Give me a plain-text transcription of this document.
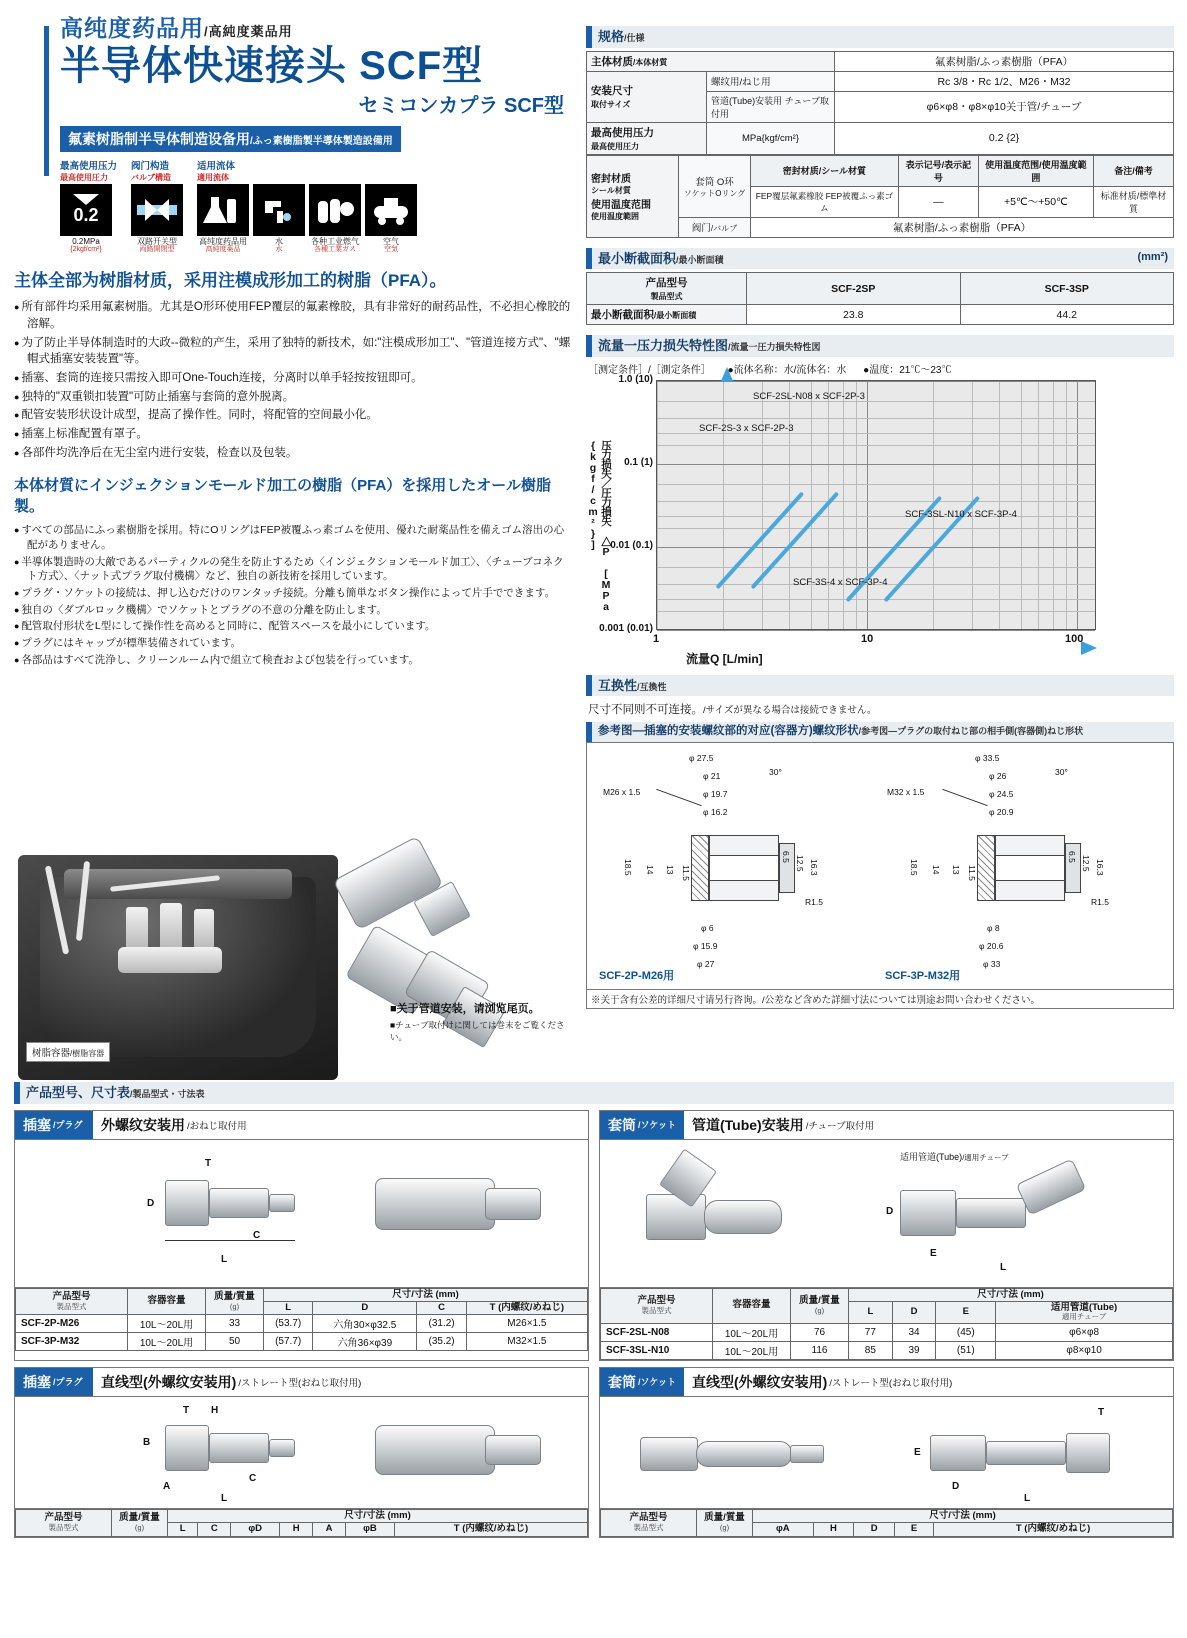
高纯度药品用/高純度薬品用
半导体快速接头 SCF型
セミコンカプラ SCF型
氟素树脂制半导体制造设备用/ふっ素樹脂製半導体製造設備用
最高使用压力
最高使用圧力
0.2
0.2MPa
{2kgf/cm²}
阀门构造
バルブ構造
双路开关型
両路開閉型
适用流体
適用流体
高纯度药品用
高純度薬品
水
水
各种工业燃气
各種工業ガス
空气
空気
主体全部为树脂材质，采用注模成形加工的树脂（PFA）。
● 所有部件均采用氟素树脂。尤其是O形环使用FEP覆层的氟素橡胶，具有非常好的耐药品性，不必担心橡胶的溶解。
● 为了防止半导体制造时的大政--微粒的产生，采用了独特的新技术，如:"注模成形加工"、"管道连接方式"、"螺帽式插塞安装装置"等。
● 插塞、套筒的连接只需按入即可One-Touch连接，分离时以单手轻按按钮即可。
● 独特的"双重锁扣装置"可防止插塞与套筒的意外脱离。
● 配管安装形状设计成型，提高了操作性。同时，将配管的空间最小化。
● 插塞上标准配置有罩子。
● 各部件均洗净后在无尘室内进行安装，检查以及包装。
本体材質にインジェクションモールド加工の樹脂（PFA）を採用したオール樹脂製。
● すべての部品にふっ素樹脂を採用。特にOリングはFEP被覆ふっ素ゴムを使用、優れた耐薬品性を備えゴム溶出の心配がありません。
● 半導体製造時の大敵であるパーティクルの発生を防止するため〈インジェクションモールド加工〉、〈チューブコネクト方式〉、〈ナット式プラグ取付機構〉など、独自の新技術を採用しています。
● プラグ・ソケットの接続は、押し込むだけのワンタッチ接続。分離も簡単なボタン操作によって片手でできます。
● 独自の〈ダブルロック機構〉でソケットとプラグの不意の分離を防止します。
● 配管取付形状をL型にして操作性を高めると同時に、配管スペースを最小にしています。
● プラグにはキャップが標準装備されています。
● 各部品はすべて洗浄し、クリーンルーム内で組立て検査および包装を行っています。
树脂容器/樹脂容器
■关于管道安装，请浏览尾页。
■チューブ取付けに関しては巻末をご覧ください。
规格/仕様
主体材质/本体材質		氟素树脂/ふっ素樹脂（PFA）
安装尺寸
取付サイズ	螺纹用/ねじ用	Rc 3/8・Rc 1/2、M26・M32
	管道(Tube)安装用 チューブ取付用	φ6×φ8・φ8×φ10关于管/チューブ
最高使用压力
最高使用圧力	MPa{kgf/cm²}	0.2 {2}
密封材质
シール材質
使用温度范围
使用温度範囲	套筒 O环
ソケットOリング	密封材质/シール材質	表示记号/表示記号	使用温度范围/使用温度範囲	备注/備考
		FEP覆层氟素橡胶 FEP被覆ふっ素ゴム	—	+5℃～+50℃	标准材质/標準材質
	阀门/バルブ	氟素树脂/ふっ素樹脂（PFA）			
最小断截面积/最小断面積	(mm²)
产品型号
製品型式	SCF-2SP	SCF-3SP
最小断截面积/最小断面積	23.8	44.2
流量一压力损失特性图/流量一圧力損失特性図
［测定条件］/［測定条件］ ●流体名称：水/流体名：水 ●温度：21℃～23℃
压力损失／圧力損失 △P [MPa {kgf/cm²}]
1.0 (10)
0.1 (1)
0.01 (0.1)
0.001 (0.01)
1	10	100
SCF-2SL-N08 x SCF-2P-3
SCF-2S-3 x SCF-2P-3
SCF-3SL-N10 x SCF-3P-4
SCF-3S-4 x SCF-3P-4
流量Q [L/min]
互换性/互換性
尺寸不同则不可连接。/サイズが異なる場合は接続できません。
参考图—插塞的安装螺纹部的对应(容器方)螺纹形状/参考図—プラグの取付ねじ部の相手側(容器側)ねじ形状
φ 27.5
φ 21
φ 19.7
φ 16.2
30°
M26 x 1.5
18.5 14 13 11.5
6.5 12.5 16.3
R1.5
φ 6
φ 15.9
φ 27
SCF-2P-M26用
φ 33.5
φ 26
φ 24.5
φ 20.9
30°
M32 x 1.5
18.5 14 13 11.5
6.5 12.5 16.3
R1.5
φ 8
φ 20.6
φ 33
SCF-3P-M32用
※关于含有公差的详细尺寸请另行咨询。/公差など含めた詳細寸法については別途お問い合わせください。
产品型号、尺寸表/製品型式・寸法表
插塞 /プラグ 外螺纹安装用 /おねじ取付用
T
D
C
L
产品型号
製品型式	容器容量	质量/質量
(g)	尺寸/寸法 (mm)			
			L	D	C	T (内螺纹/めねじ)
SCF-2P-M26	10L～20L用	33	(53.7)	六角30×φ32.5	(31.2)	M26×1.5
SCF-3P-M32	10L～20L用	50	(57.7)	六角36×φ39	(35.2)	M32×1.5
套筒 /ソケット 管道(Tube)安装用 /チューブ取付用
适用管道(Tube)/適用チューブ
D
E
L
产品型号
製品型式	容器容量	质量/質量
(g)	尺寸/寸法 (mm)			
			L	D	E	适用管道(Tube)
適用チューブ

SCF-2SL-N08	10L～20L用	76	77	34	(45)	φ6×φ8
SCF-3SL-N10	10L～20L用	116	85	39	(51)	φ8×φ10
插塞 /プラグ 直线型(外螺纹安装用) /ストレート型(おねじ取付用)
T H
B
C
A
L
产品型号
製品型式	质量/質量
(g)	尺寸/寸法 (mm)						
		L	C	φD	H	A	φB	T (内螺纹/めねじ)
套筒 /ソケット 直线型(外螺纹安装用) /ストレート型(おねじ取付用)
E
D
L
T
产品型号
製品型式	质量/質量
(g)	尺寸/寸法 (mm)				
		φA	H	D	E	T (内螺纹/めねじ)
